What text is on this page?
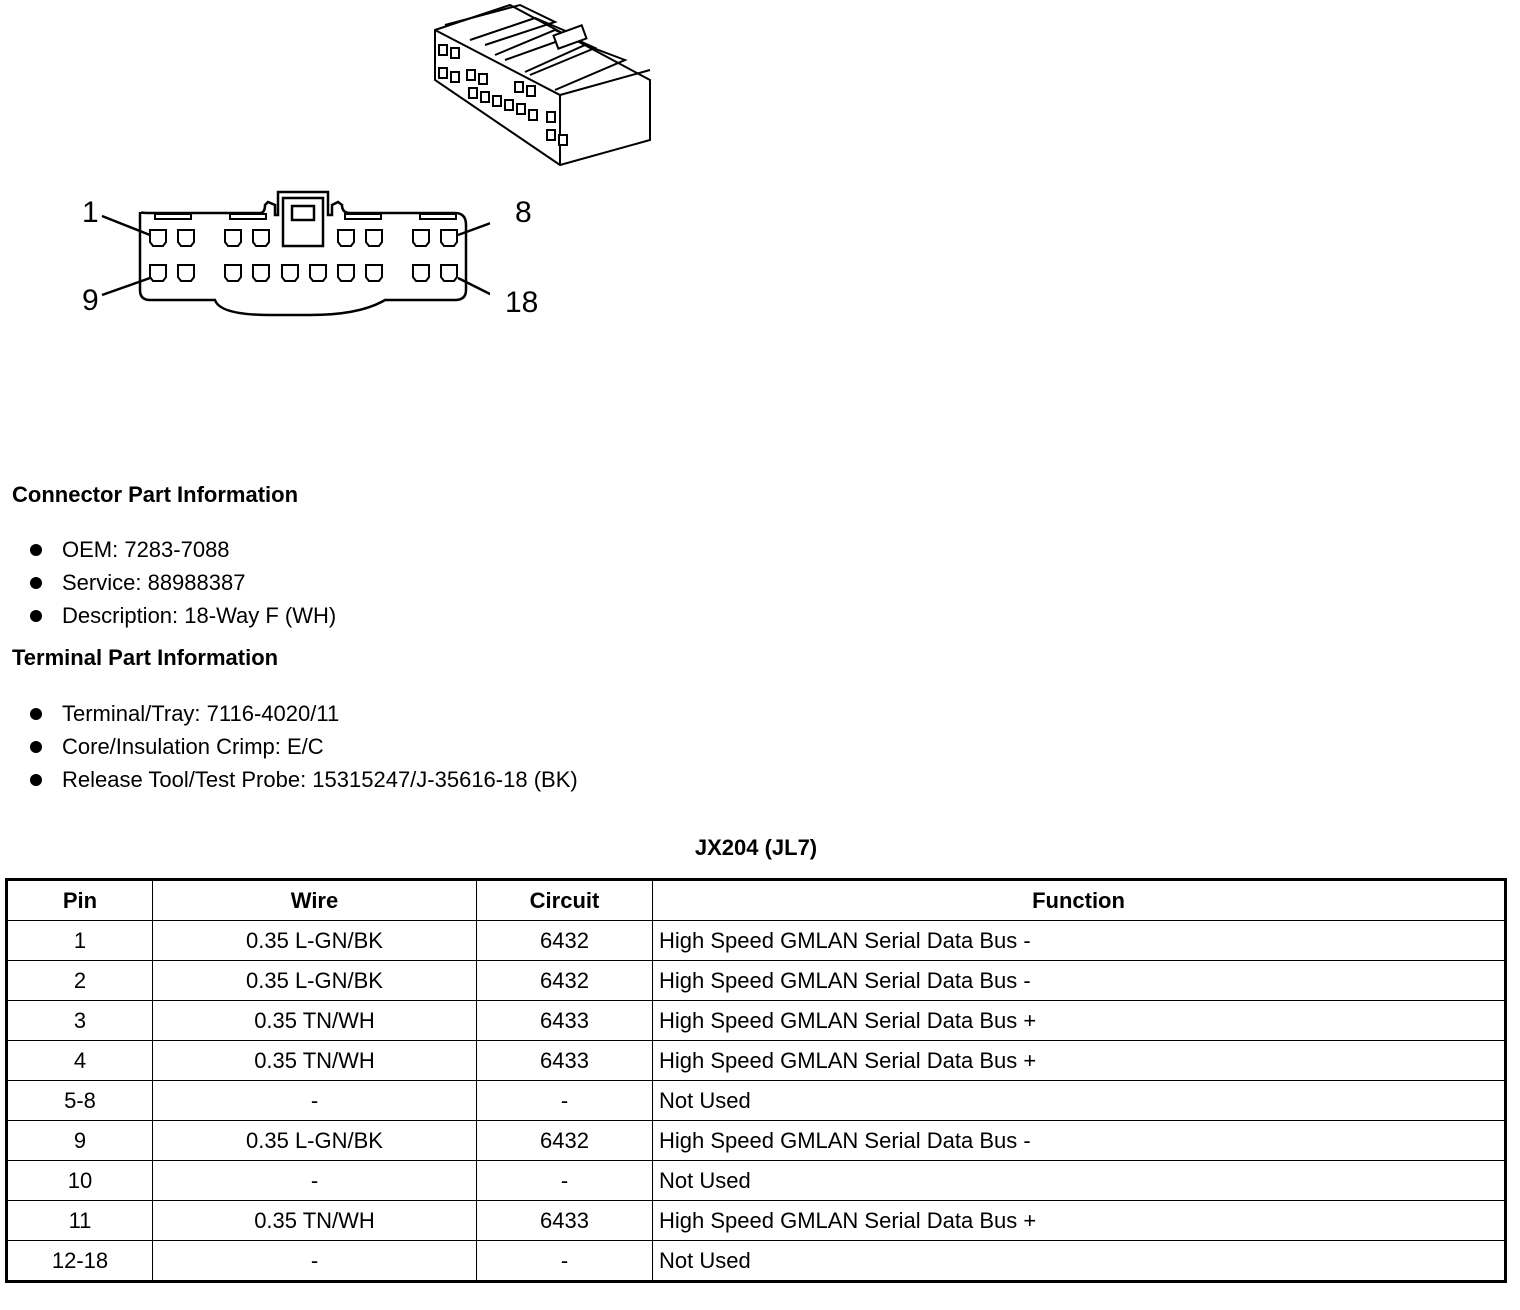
1	8
9	18
Connector Part Information
OEM: 7283-7088
Service: 88988387
Description: 18-Way F (WH)
Terminal Part Information
Terminal/Tray: 7116-4020/11
Core/Insulation Crimp: E/C
Release Tool/Test Probe: 15315247/J-35616-18 (BK)
JX204 (JL7)
Pin	Wire	Circuit	Function
1	0.35 L-GN/BK	6432	High Speed GMLAN Serial Data Bus -
2	0.35 L-GN/BK	6432	High Speed GMLAN Serial Data Bus -
3	0.35 TN/WH	6433	High Speed GMLAN Serial Data Bus +
4	0.35 TN/WH	6433	High Speed GMLAN Serial Data Bus +
5-8	-	-	Not Used
9	0.35 L-GN/BK	6432	High Speed GMLAN Serial Data Bus -
10	-	-	Not Used
11	0.35 TN/WH	6433	High Speed GMLAN Serial Data Bus +
12-18	-	-	Not Used
